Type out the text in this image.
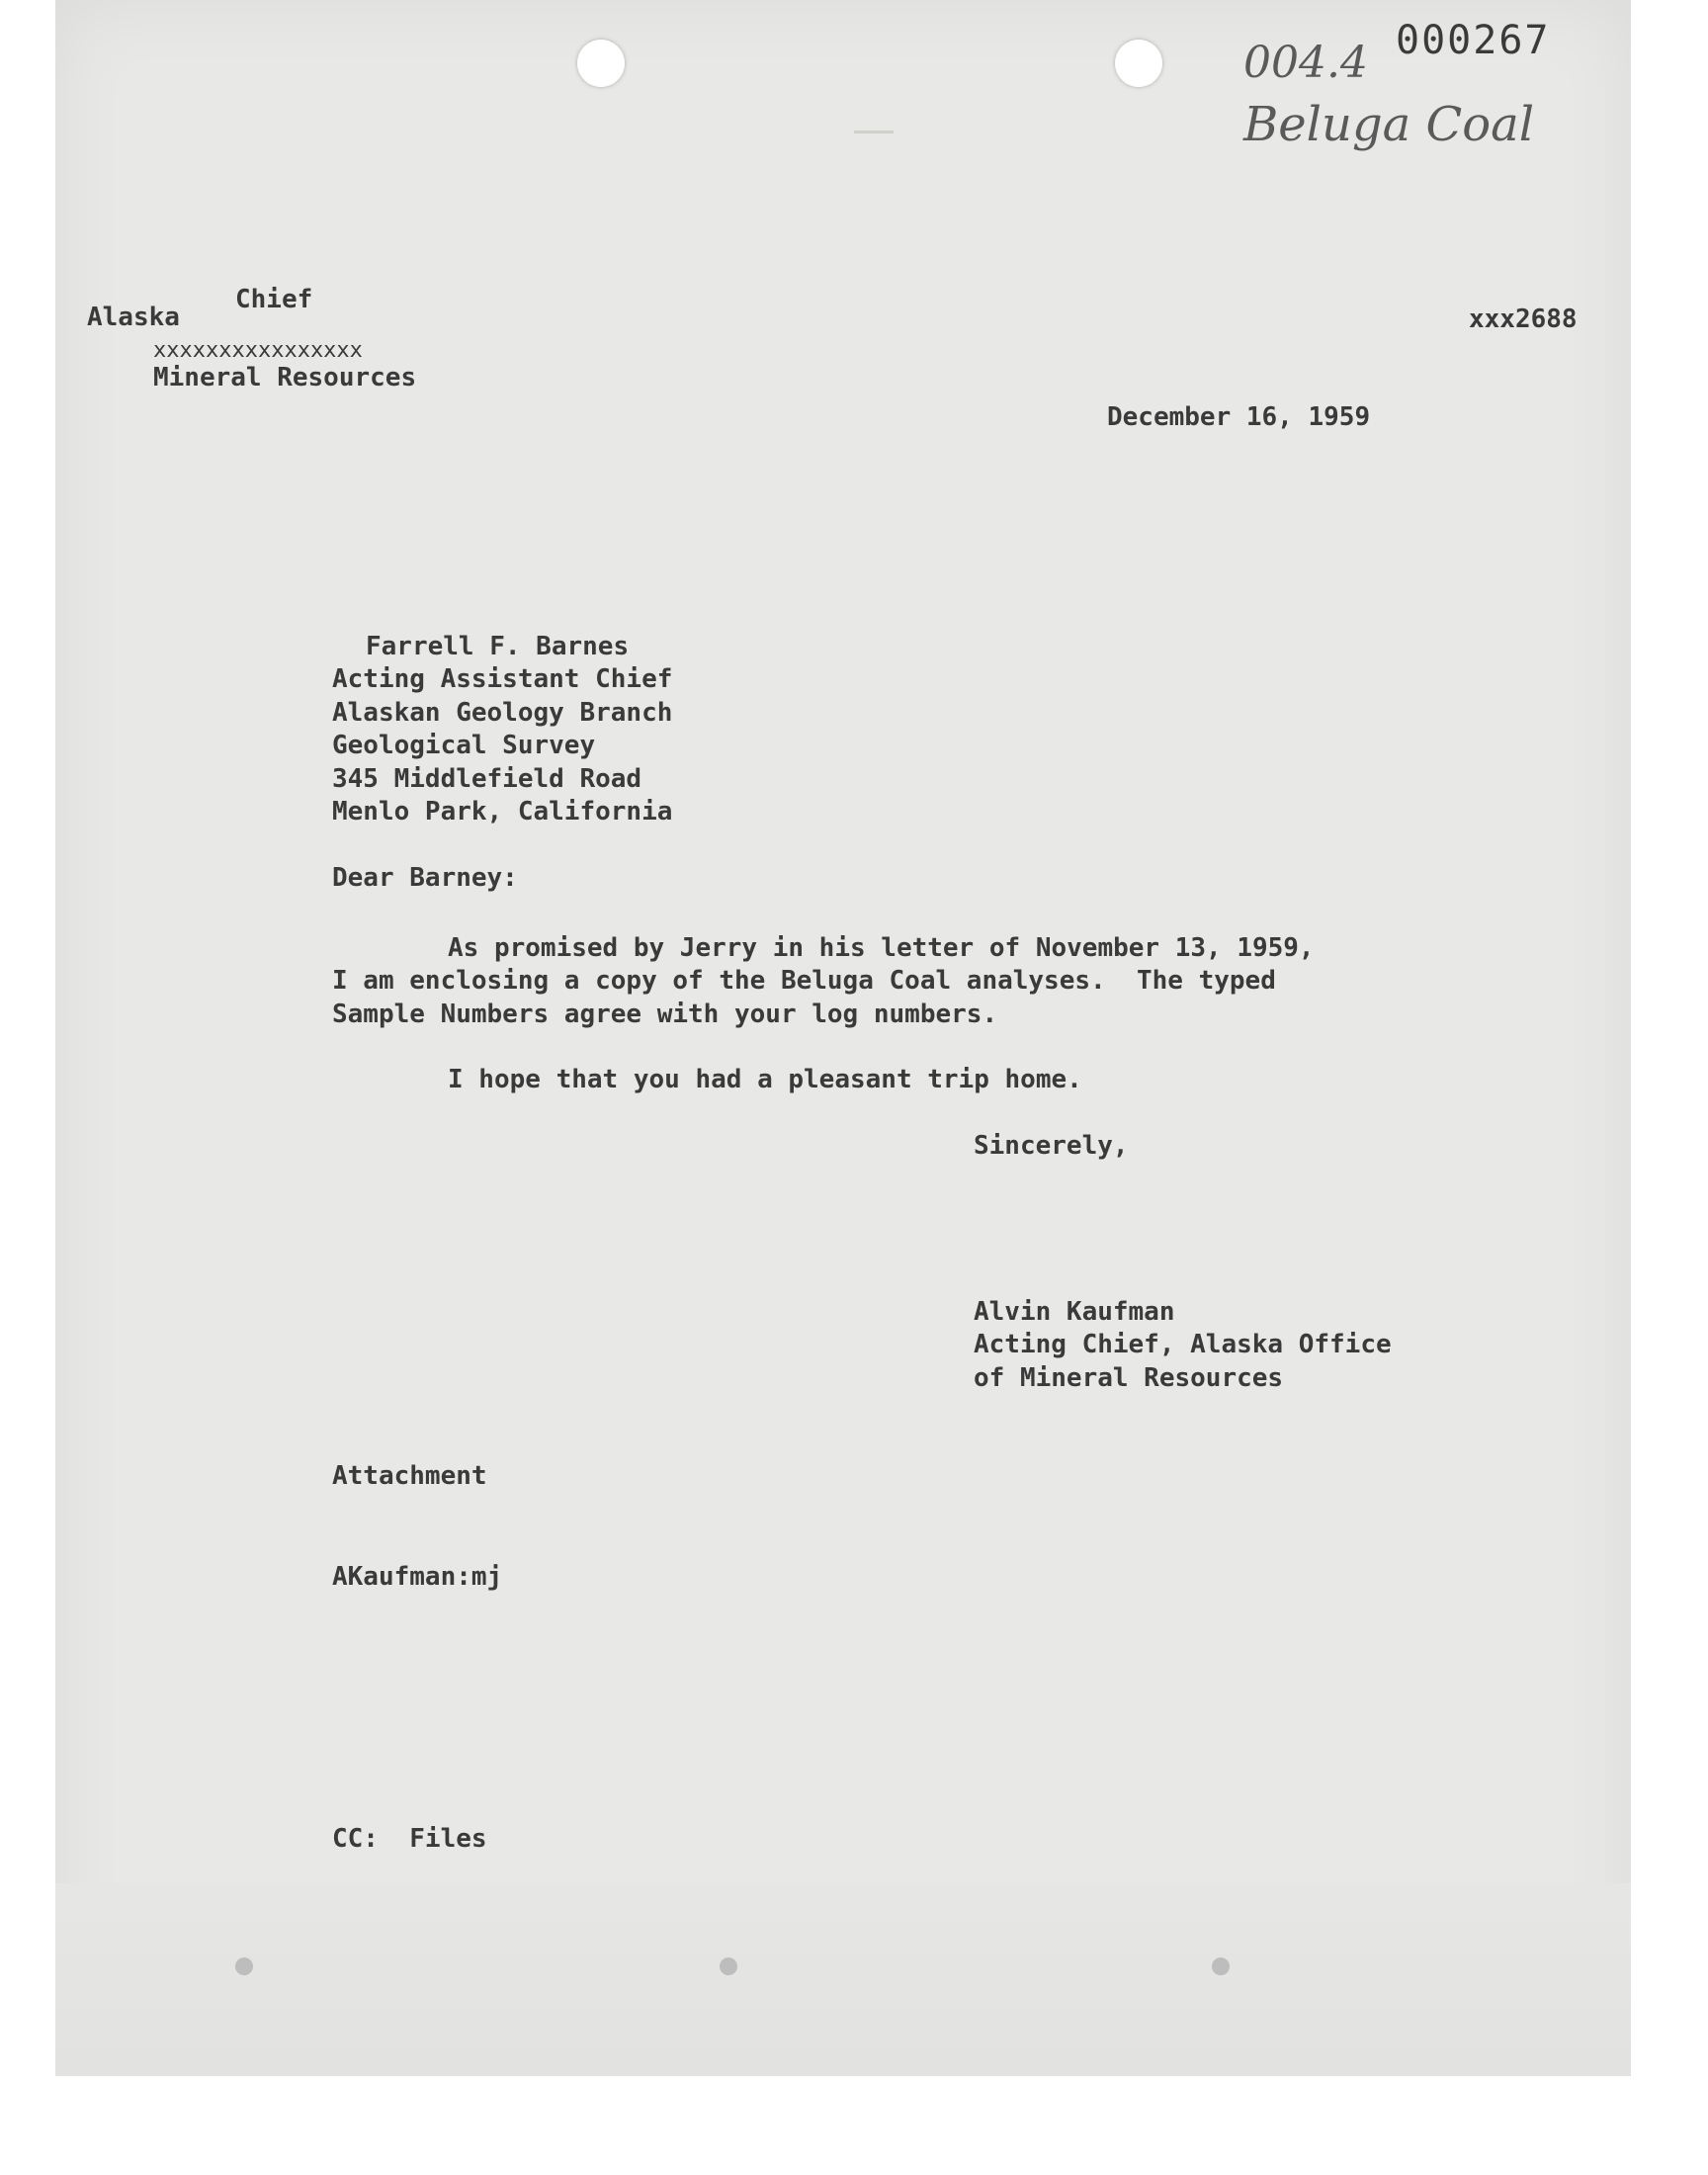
004.4 000267
Beluga Coal

Alaska

Chief

xxxxxxxxxxxxxxxx

Mineral Resources

xxx2688

December 16, 1959

Farrell F. Barnes

Acting Assistant Chief

Alaskan Geology Branch

Geological Survey

345 Middlefield Road

Menlo Park, California

Dear Barney:

As promised by Jerry in his letter of November 13, 1959,

I am enclosing a copy of the Beluga Coal analyses.  The typed

Sample Numbers agree with your log numbers.

I hope that you had a pleasant trip home.

Sincerely,

Alvin Kaufman

Acting Chief, Alaska Office

of Mineral Resources

Attachment

AKaufman:mj

CC:  Files
